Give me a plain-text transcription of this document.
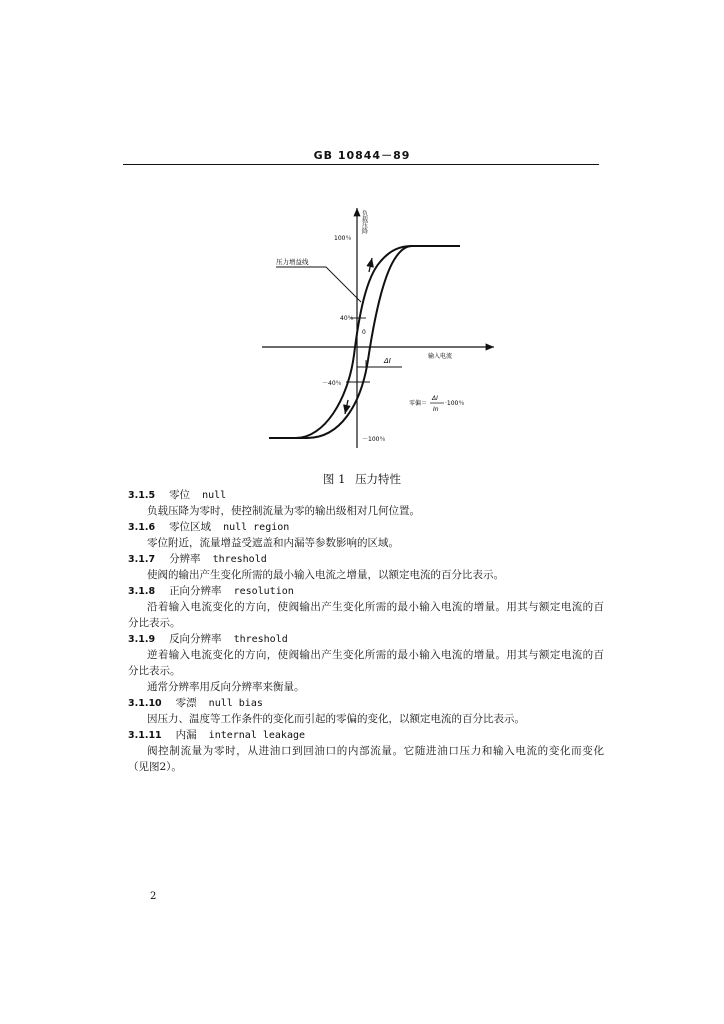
GB 10844－89
负载压降
100％
40％
0
－40％
－100％
输入电流
压力增益线
ΔI
零偏＝
ΔI
In
·100％
图 1 压力特性
3.1.5 零位 null
负载压降为零时，使控制流量为零的输出级相对几何位置。
3.1.6 零位区域 null region
零位附近，流量增益受遮盖和内漏等参数影响的区域。
3.1.7 分辨率 threshold
使阀的输出产生变化所需的最小输入电流之增量，以额定电流的百分比表示。
3.1.8 正向分辨率 resolution
沿着输入电流变化的方向，使阀输出产生变化所需的最小输入电流的增量。用其与额定电流的百
分比表示。
3.1.9 反向分辨率 threshold
逆着输入电流变化的方向，使阀输出产生变化所需的最小输入电流的增量。用其与额定电流的百
分比表示。
通常分辨率用反向分辨率来衡量。
3.1.10 零漂 null bias
因压力、温度等工作条件的变化而引起的零偏的变化，以额定电流的百分比表示。
3.1.11 内漏 internal leakage
阀控制流量为零时，从进油口到回油口的内部流量。它随进油口压力和输入电流的变化而变化
（见图2）。
2
